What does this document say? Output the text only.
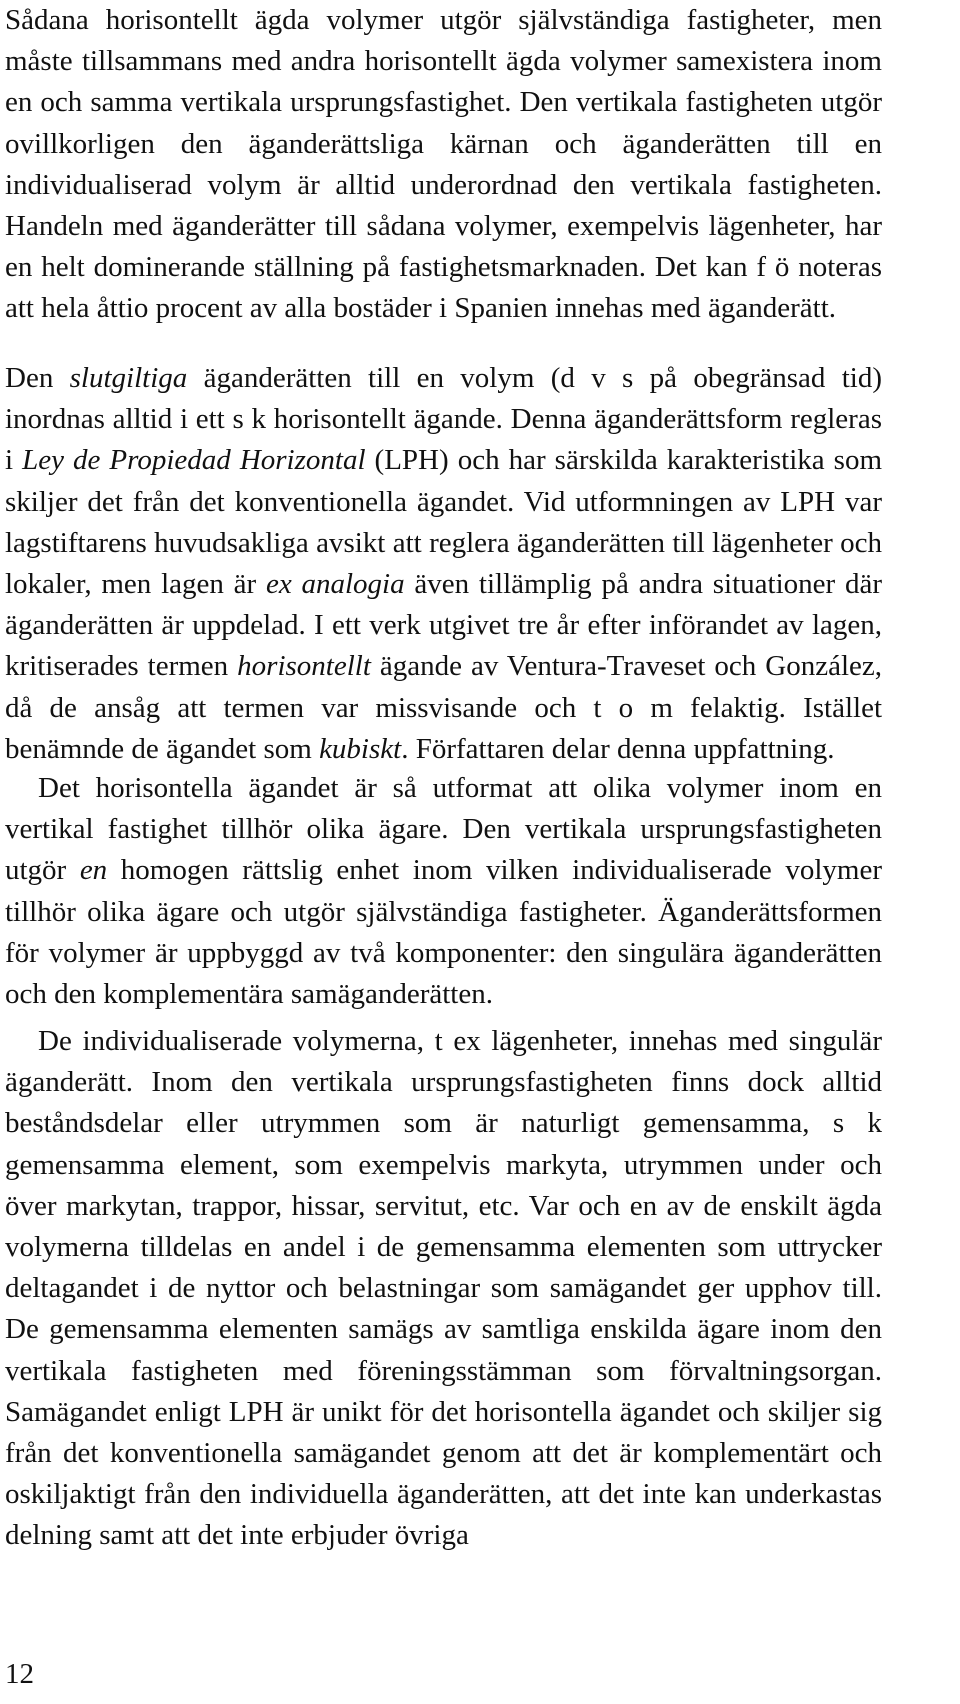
Sådana horisontellt ägda volymer utgör självständiga fastigheter, men måste tillsammans med andra horisontellt ägda volymer samexistera inom en och samma vertikala ursprungsfastighet. Den vertikala fastigheten utgör ovillkorligen den äganderättsliga kärnan och äganderätten till en individualiserad volym är alltid underordnad den vertikala fastigheten. Handeln med äganderätter till sådana volymer, exempelvis lägenheter, har en helt dominerande ställning på fastighetsmarknaden. Det kan f ö noteras att hela åttio procent av alla bostäder i Spanien innehas med äganderätt.

Den slutgiltiga äganderätten till en volym (d v s på obegränsad tid) inordnas alltid i ett s k horisontellt ägande. Denna äganderättsform regleras i Ley de Propiedad Horizontal (LPH) och har särskilda karakteristika som skiljer det från det konventionella ägandet. Vid utformningen av LPH var lagstiftarens huvudsakliga avsikt att reglera äganderätten till lägenheter och lokaler, men lagen är ex analogia även tillämplig på andra situationer där äganderätten är uppdelad. I ett verk utgivet tre år efter införandet av lagen, kritiserades termen horisontellt ägande av Ventura-Traveset och González, då de ansåg att termen var missvisande och t o m felaktig. Istället benämnde de ägandet som kubiskt. Författaren delar denna uppfattning.

Det horisontella ägandet är så utformat att olika volymer inom en vertikal fastighet tillhör olika ägare. Den vertikala ursprungsfastigheten utgör en homogen rättslig enhet inom vilken individualiserade volymer tillhör olika ägare och utgör självständiga fastigheter. Äganderättsformen för volymer är uppbyggd av två komponenter: den singulära äganderätten och den komplementära samäganderätten.

De individualiserade volymerna, t ex lägenheter, innehas med singulär äganderätt. Inom den vertikala ursprungsfastigheten finns dock alltid beståndsdelar eller utrymmen som är naturligt gemensamma, s k gemensamma element, som exempelvis markyta, utrymmen under och över markytan, trappor, hissar, servitut, etc. Var och en av de enskilt ägda volymerna tilldelas en andel i de gemensamma elementen som uttrycker deltagandet i de nyttor och belastningar som samägandet ger upphov till. De gemensamma elementen samägs av samtliga enskilda ägare inom den vertikala fastigheten med föreningsstämman som förvaltningsorgan. Samägandet enligt LPH är unikt för det horisontella ägandet och skiljer sig från det konventionella samägandet genom att det är komplementärt och oskiljaktigt från den individuella äganderätten, att det inte kan underkastas delning samt att det inte erbjuder övriga

12
